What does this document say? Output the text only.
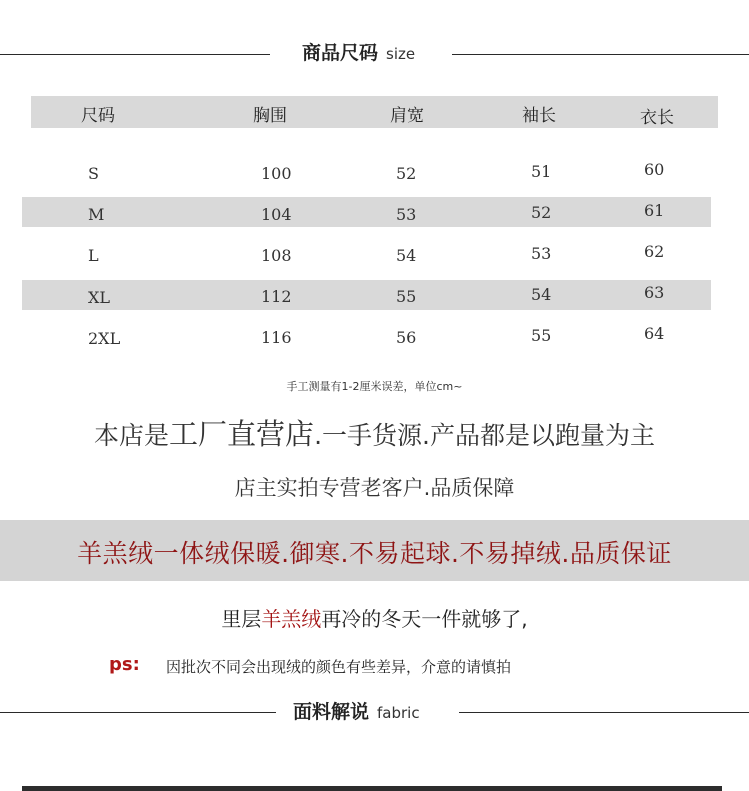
商品尺码 size
尺码	胸围	肩宽	袖长	衣长
S	100	52	51	60
M	104	53	52	61
L	108	54	53	62
XL	112	55	54	63
2XL	116	56	55	64
手工测量有1-2厘米误差，单位cm~
本店是工厂直营店.一手货源.产品都是以跑量为主
店主实拍专营老客户.品质保障
羊羔绒一体绒保暖.御寒.不易起球.不易掉绒.品质保证
里层羊羔绒再冷的冬天一件就够了,
ps: 因批次不同会出现绒的颜色有些差异，介意的请慎拍
面料解说 fabric
